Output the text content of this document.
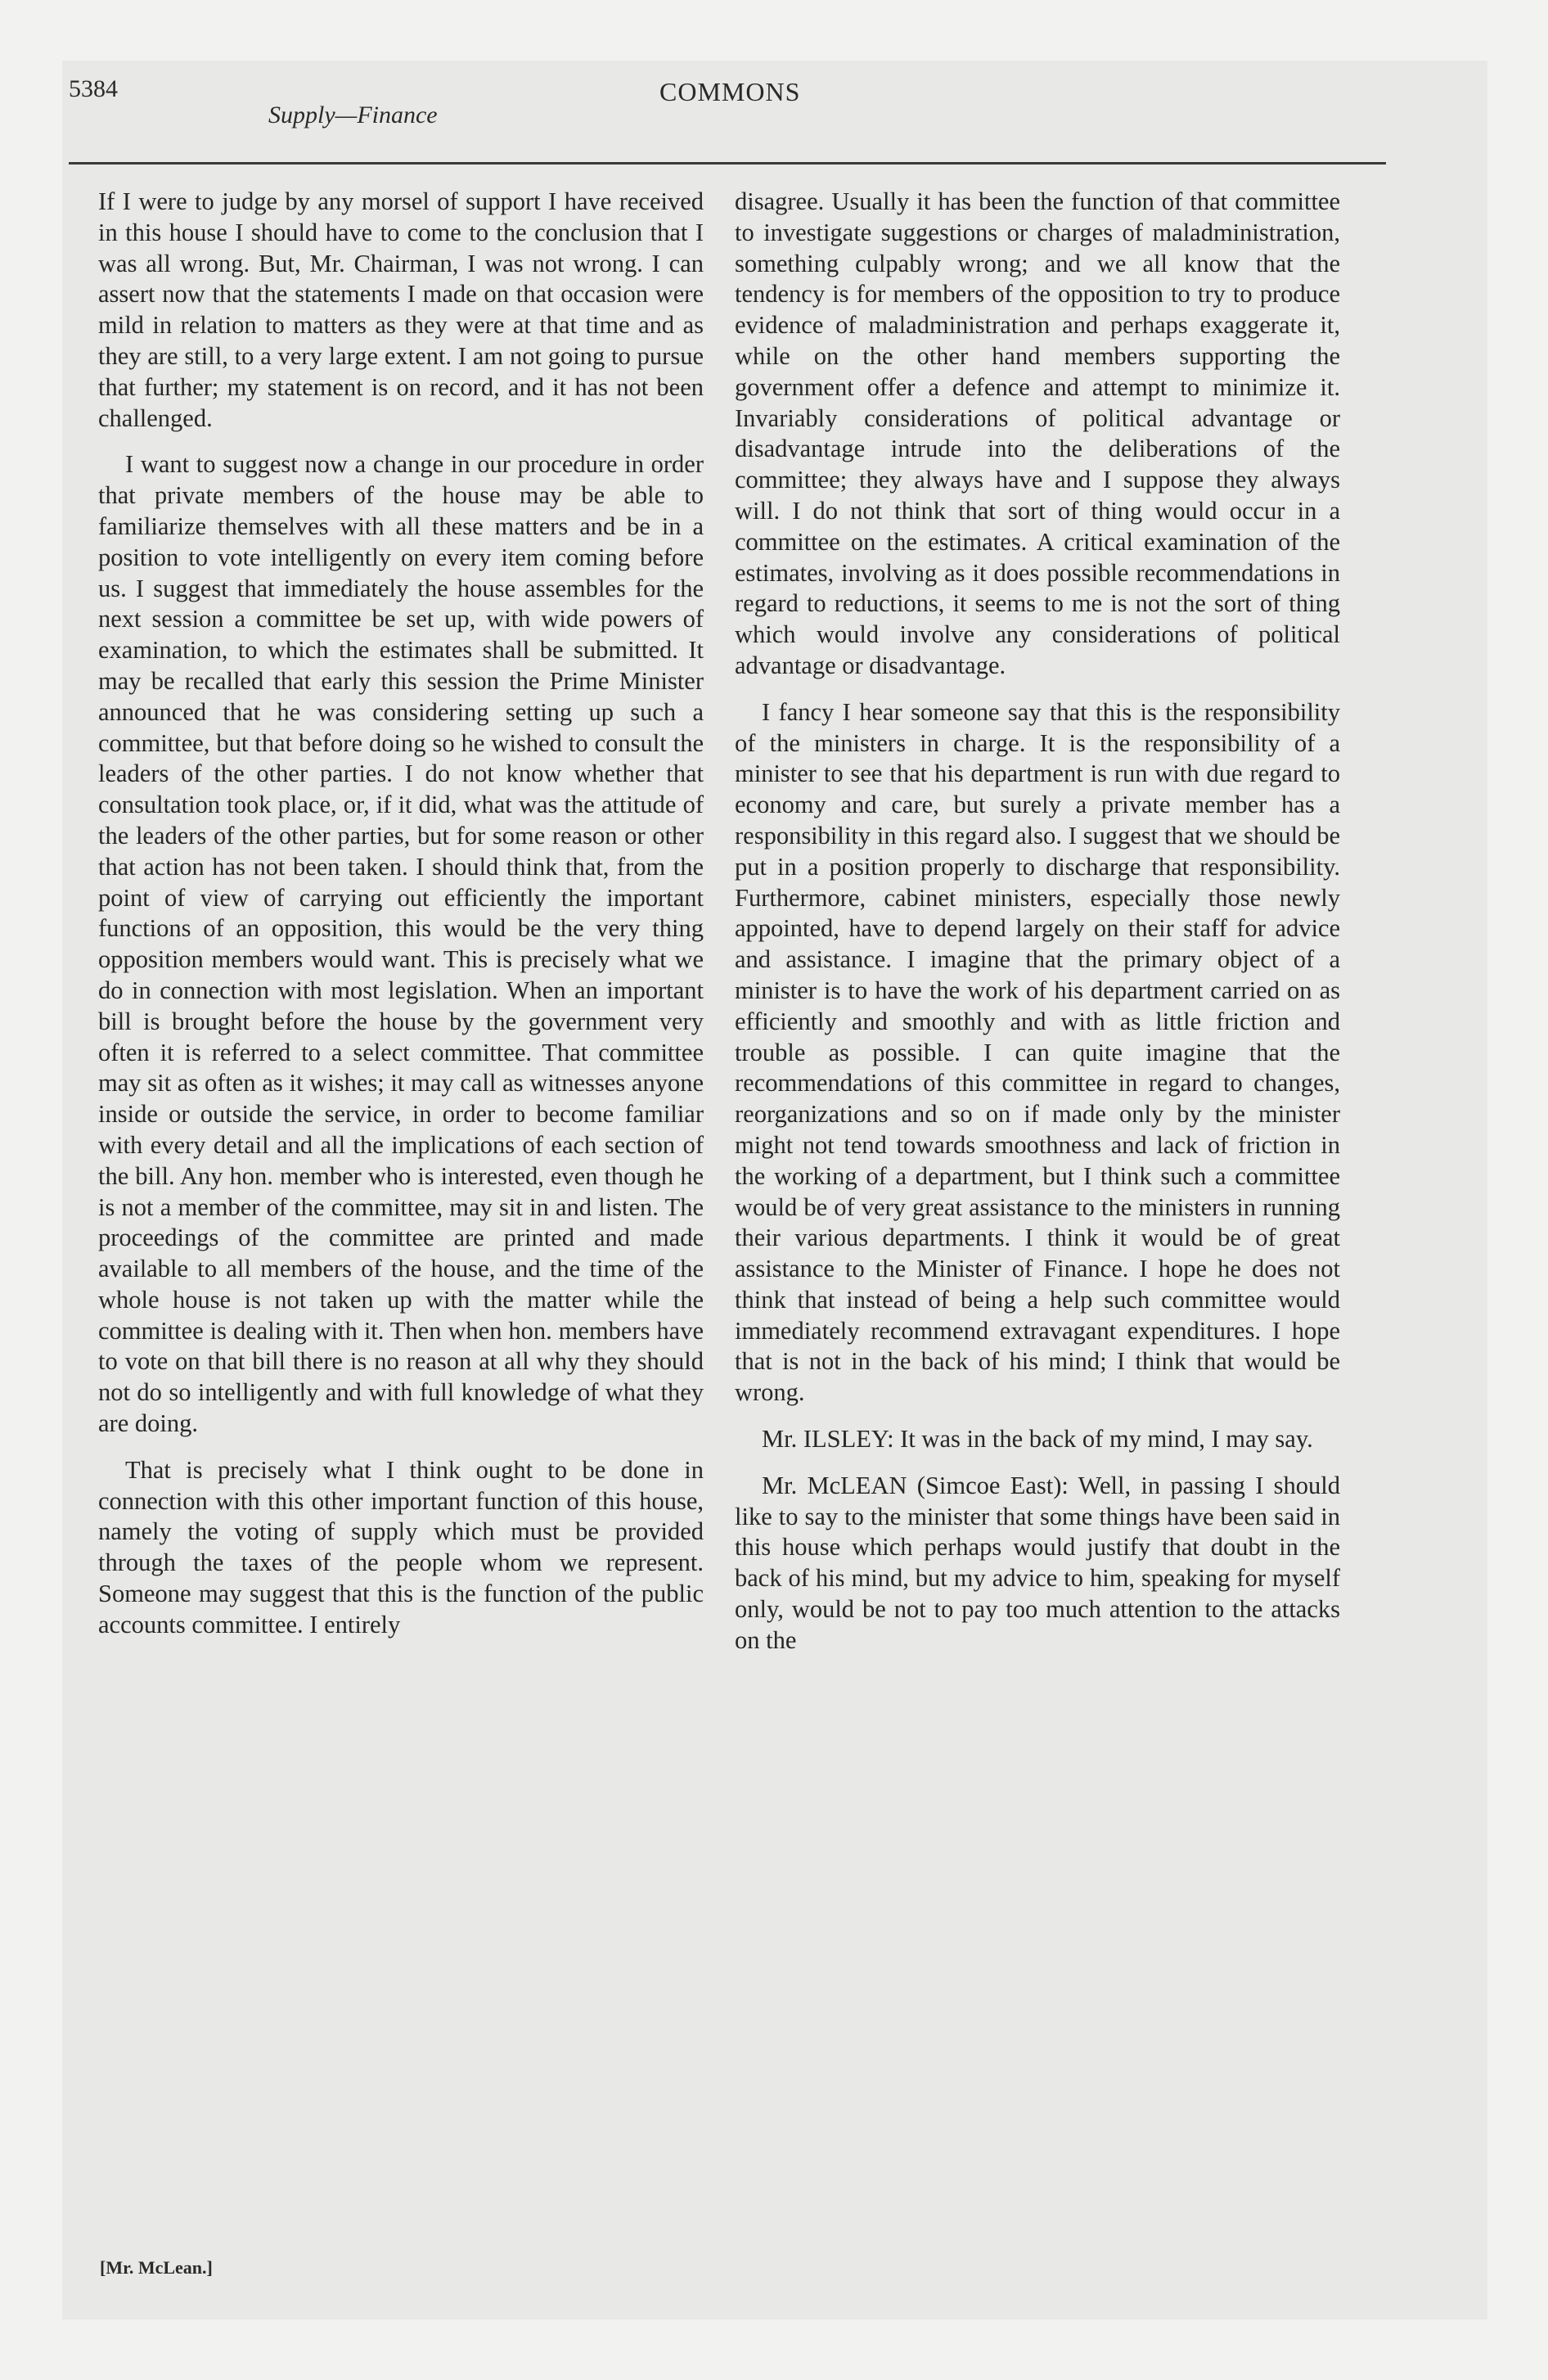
5384
Supply—Finance
COMMONS

If I were to judge by any morsel of support I have received in this house I should have to come to the conclusion that I was all wrong. But, Mr. Chairman, I was not wrong. I can assert now that the statements I made on that occasion were mild in relation to matters as they were at that time and as they are still, to a very large extent. I am not going to pursue that further; my statement is on record, and it has not been challenged.

I want to suggest now a change in our procedure in order that private members of the house may be able to familiarize themselves with all these matters and be in a position to vote intelligently on every item coming before us. I suggest that immediately the house assembles for the next session a committee be set up, with wide powers of examination, to which the estimates shall be submitted. It may be recalled that early this session the Prime Minister announced that he was considering setting up such a committee, but that before doing so he wished to consult the leaders of the other parties. I do not know whether that consultation took place, or, if it did, what was the attitude of the leaders of the other parties, but for some reason or other that action has not been taken. I should think that, from the point of view of carrying out efficiently the important functions of an opposition, this would be the very thing opposition members would want. This is precisely what we do in connection with most legislation. When an important bill is brought before the house by the government very often it is referred to a select committee. That committee may sit as often as it wishes; it may call as witnesses anyone inside or outside the service, in order to become familiar with every detail and all the implications of each section of the bill. Any hon. member who is interested, even though he is not a member of the committee, may sit in and listen. The proceedings of the committee are printed and made available to all members of the house, and the time of the whole house is not taken up with the matter while the committee is dealing with it. Then when hon. members have to vote on that bill there is no reason at all why they should not do so intelligently and with full knowledge of what they are doing.

That is precisely what I think ought to be done in connection with this other important function of this house, namely the voting of supply which must be provided through the taxes of the people whom we represent. Someone may suggest that this is the function of the public accounts committee. I entirely

disagree. Usually it has been the function of that committee to investigate suggestions or charges of maladministration, something culpably wrong; and we all know that the tendency is for members of the opposition to try to produce evidence of maladministration and perhaps exaggerate it, while on the other hand members supporting the government offer a defence and attempt to minimize it. Invariably considerations of political advantage or disadvantage intrude into the deliberations of the committee; they always have and I suppose they always will. I do not think that sort of thing would occur in a committee on the estimates. A critical examination of the estimates, involving as it does possible recommendations in regard to reductions, it seems to me is not the sort of thing which would involve any considerations of political advantage or disadvantage.

I fancy I hear someone say that this is the responsibility of the ministers in charge. It is the responsibility of a minister to see that his department is run with due regard to economy and care, but surely a private member has a responsibility in this regard also. I suggest that we should be put in a position properly to discharge that responsibility. Furthermore, cabinet ministers, especially those newly appointed, have to depend largely on their staff for advice and assistance. I imagine that the primary object of a minister is to have the work of his department carried on as efficiently and smoothly and with as little friction and trouble as possible. I can quite imagine that the recommendations of this committee in regard to changes, reorganizations and so on if made only by the minister might not tend towards smoothness and lack of friction in the working of a department, but I think such a committee would be of very great assistance to the ministers in running their various departments. I think it would be of great assistance to the Minister of Finance. I hope he does not think that instead of being a help such committee would immediately recommend extravagant expenditures. I hope that is not in the back of his mind; I think that would be wrong.

Mr. ILSLEY: It was in the back of my mind, I may say.

Mr. McLEAN (Simcoe East): Well, in passing I should like to say to the minister that some things have been said in this house which perhaps would justify that doubt in the back of his mind, but my advice to him, speaking for myself only, would be not to pay too much attention to the attacks on the

[Mr. McLean.]
